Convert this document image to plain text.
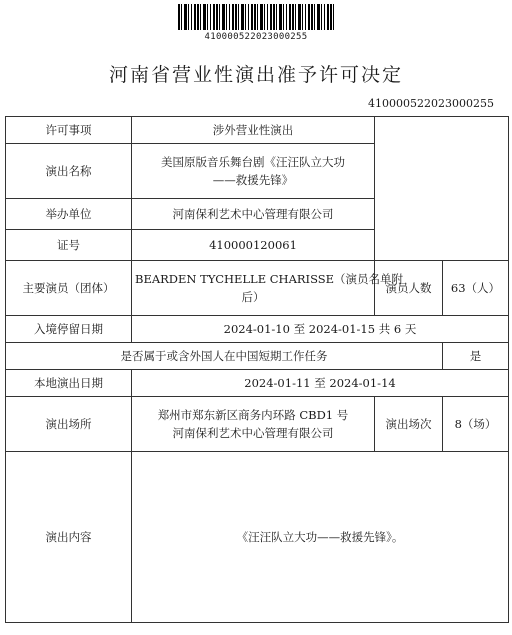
410000522023000255
河南省营业性演出准予许可决定
410000522023000255
许可事项	涉外营业性演出		
演出名称	美国原版音乐舞台剧《汪汪队立大功
——救援先锋》		

举办单位	河南保利艺术中心管理有限公司		
证号	410000120061		
主要演员（团体）	BEARDEN TYCHELLE CHARISSE（演员名单附
后）	演员人数	63（人）
入境停留日期	2024-01-10 至 2024-01-15 共 6 天		
是否属于或含外国人在中国短期工作任务			是
本地演出日期	2024-01-11 至 2024-01-14		
演出场所	郑州市郑东新区商务内环路 CBD1 号
河南保利艺术中心管理有限公司	演出场次	8（场）
演出内容	《汪汪队立大功——救援先锋》。		
